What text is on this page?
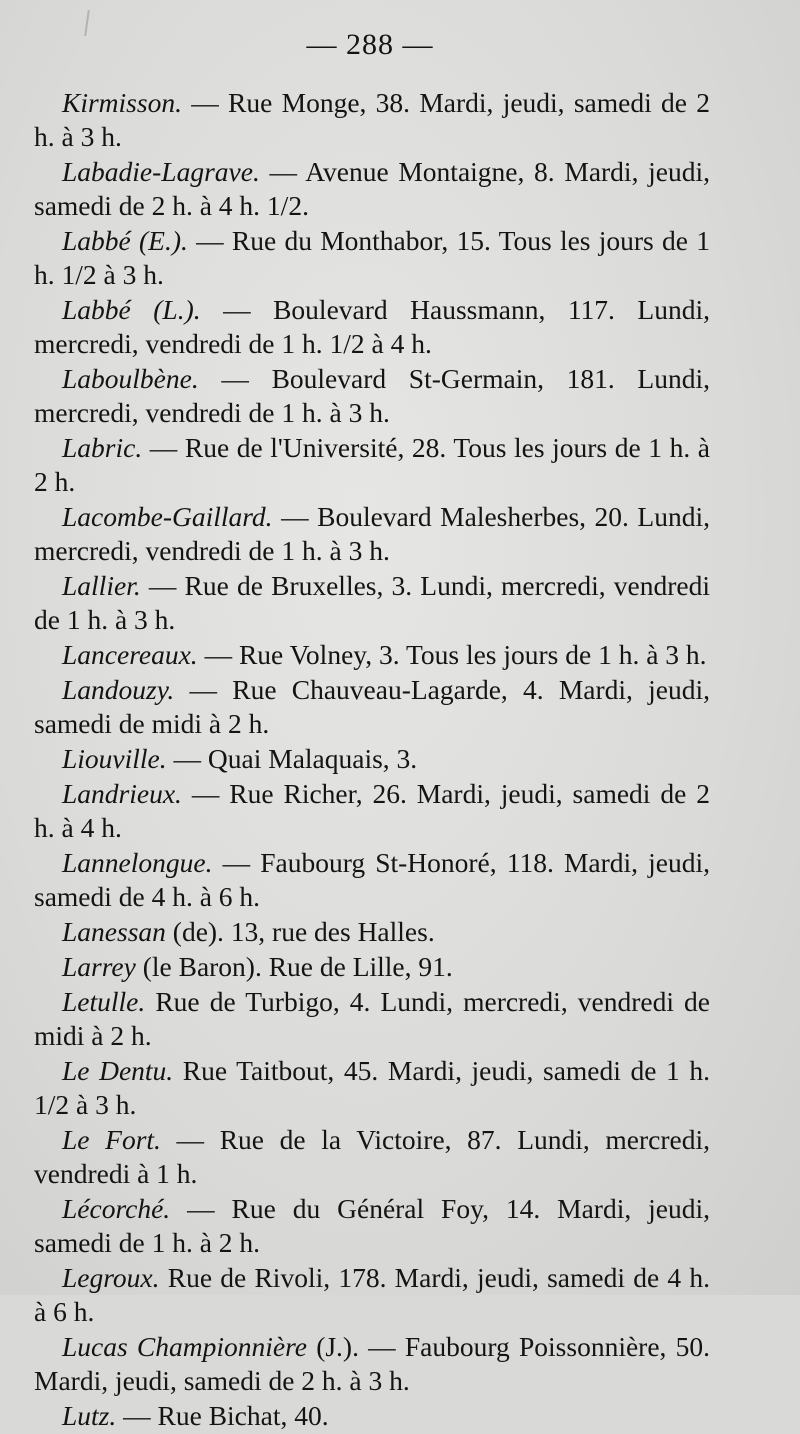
— 288 —

Kirmisson. — Rue Monge, 38. Mardi, jeudi, samedi de 2 h. à 3 h.

Labadie-Lagrave. — Avenue Montaigne, 8. Mardi, jeudi, samedi de 2 h. à 4 h. 1/2.

Labbé (E.). — Rue du Monthabor, 15. Tous les jours de 1 h. 1/2 à 3 h.

Labbé (L.). — Boulevard Haussmann, 117. Lundi, mercredi, vendredi de 1 h. 1/2 à 4 h.

Laboulbène. — Boulevard St-Germain, 181. Lundi, mercredi, vendredi de 1 h. à 3 h.

Labric. — Rue de l'Université, 28. Tous les jours de 1 h. à 2 h.

Lacombe-Gaillard. — Boulevard Malesherbes, 20. Lundi, mercredi, vendredi de 1 h. à 3 h.

Lallier. — Rue de Bruxelles, 3. Lundi, mercredi, vendredi de 1 h. à 3 h.

Lancereaux. — Rue Volney, 3. Tous les jours de 1 h. à 3 h.

Landouzy. — Rue Chauveau-Lagarde, 4. Mardi, jeudi, samedi de midi à 2 h.

Liouville. — Quai Malaquais, 3.

Landrieux. — Rue Richer, 26. Mardi, jeudi, samedi de 2 h. à 4 h.

Lannelongue. — Faubourg St-Honoré, 118. Mardi, jeudi, samedi de 4 h. à 6 h.

Lanessan (de). 13, rue des Halles.

Larrey (le Baron). Rue de Lille, 91.

Letulle. Rue de Turbigo, 4. Lundi, mercredi, vendredi de midi à 2 h.

Le Dentu. Rue Taitbout, 45. Mardi, jeudi, samedi de 1 h. 1/2 à 3 h.

Le Fort. — Rue de la Victoire, 87. Lundi, mercredi, vendredi à 1 h.

Lécorché. — Rue du Général Foy, 14. Mardi, jeudi, samedi de 1 h. à 2 h.

Legroux. Rue de Rivoli, 178. Mardi, jeudi, samedi de 4 h. à 6 h.

Lucas Championnière (J.). — Faubourg Poissonnière, 50. Mardi, jeudi, samedi de 2 h. à 3 h.

Lutz. — Rue Bichat, 40.
